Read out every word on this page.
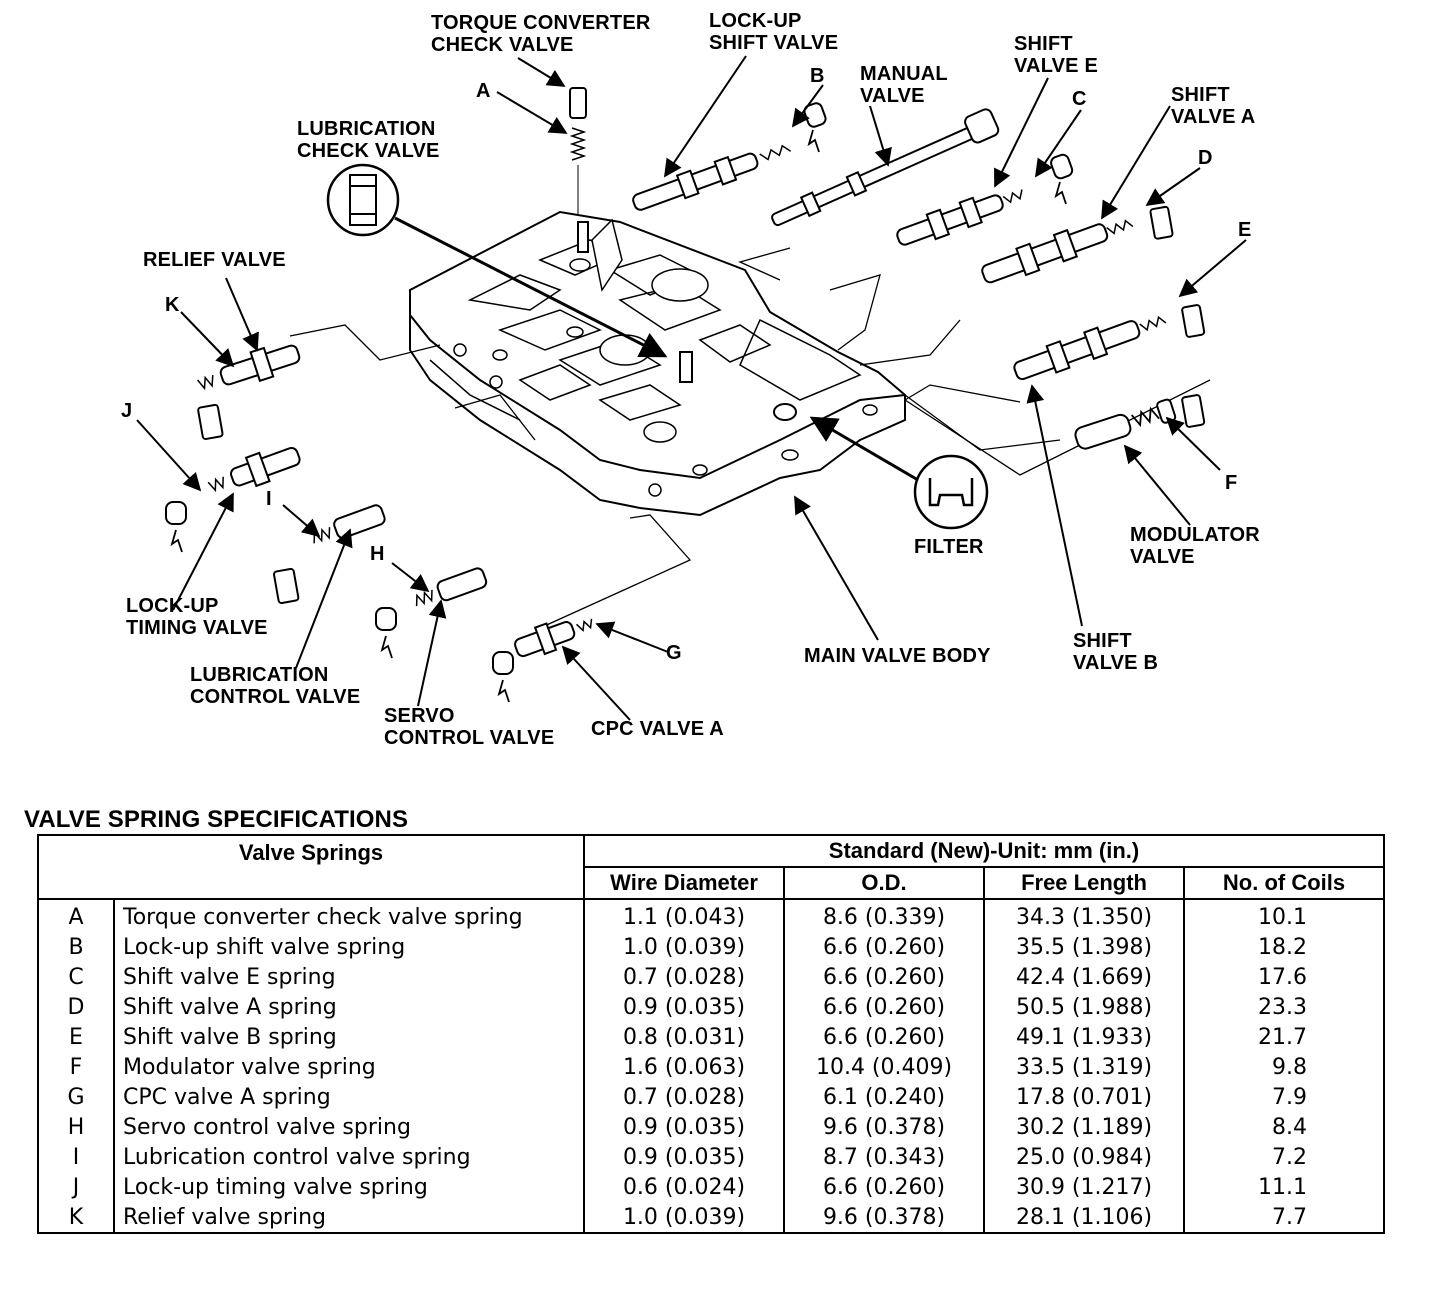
TORQUE CONVERTER
CHECK VALVE
LOCK-UP
SHIFT VALVE
MANUAL
VALVE
SHIFT
VALVE E
SHIFT
VALVE A
LUBRICATION
CHECK VALVE
RELIEF VALVE
FILTER
MODULATOR
VALVE
LOCK-UP
TIMING VALVE
LUBRICATION
CONTROL VALVE
SERVO
CONTROL VALVE CPC VALVE A
MAIN VALVE BODY
SHIFT
VALVE B
A
B
C
D
E
F
G
H
I
J
K
VALVE SPRING SPECIFICATIONS
Valve Springs		Standard (New)-Unit: mm (in.)			
		Wire Diameter	O.D.	Free Length	No. of Coils
A	Torque converter check valve spring	1.1 (0.043)	8.6 (0.339)	34.3 (1.350)	10.1
B	Lock-up shift valve spring	1.0 (0.039)	6.6 (0.260)	35.5 (1.398)	18.2
C	Shift valve E spring	0.7 (0.028)	6.6 (0.260)	42.4 (1.669)	17.6
D	Shift valve A spring	0.9 (0.035)	6.6 (0.260)	50.5 (1.988)	23.3
E	Shift valve B spring	0.8 (0.031)	6.6 (0.260)	49.1 (1.933)	21.7
F	Modulator valve spring	1.6 (0.063)	10.4 (0.409)	33.5 (1.319)	9.8
G	CPC valve A spring	0.7 (0.028)	6.1 (0.240)	17.8 (0.701)	7.9
H	Servo control valve spring	0.9 (0.035)	9.6 (0.378)	30.2 (1.189)	8.4
I	Lubrication control valve spring	0.9 (0.035)	8.7 (0.343)	25.0 (0.984)	7.2
J	Lock-up timing valve spring	0.6 (0.024)	6.6 (0.260)	30.9 (1.217)	11.1
K	Relief valve spring	1.0 (0.039)	9.6 (0.378)	28.1 (1.106)	7.7
